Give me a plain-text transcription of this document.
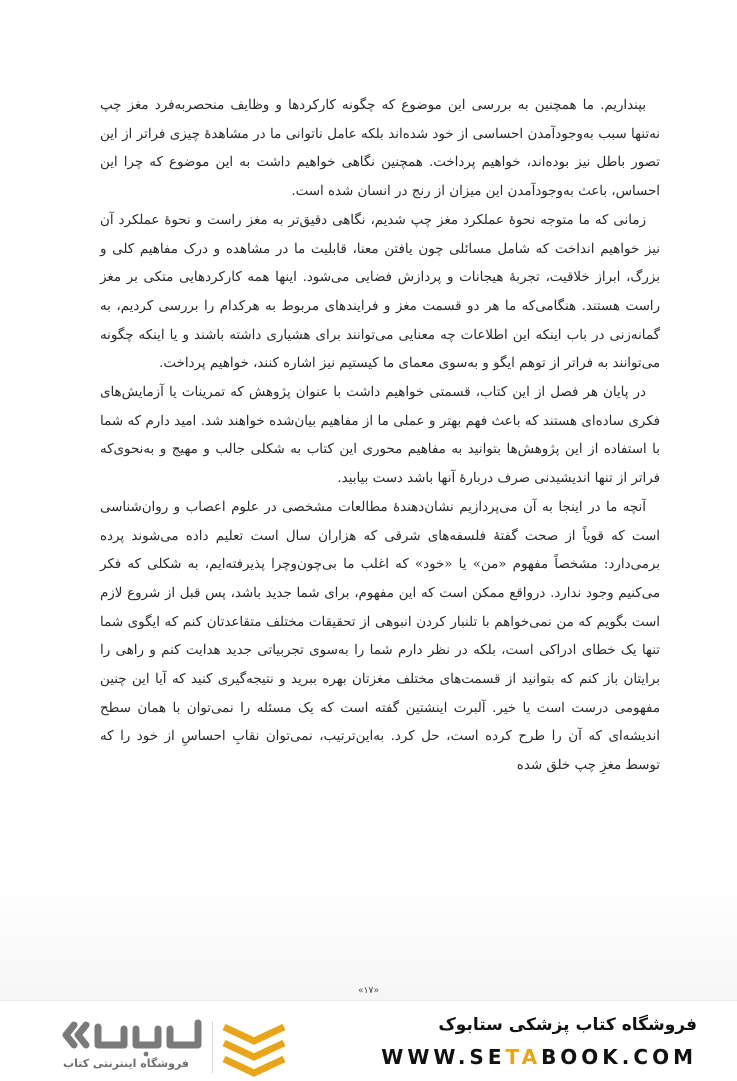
بپنداریم. ما همچنین به بررسی این موضوع که چگونه کارکردها و وظایف منحصربه‌فرد مغز چپ نه‌تنها سبب به‌وجودآمدن احساسی از خود شده‌اند بلکه عامل ناتوانی ما در مشاهدهٔ چیزی فراتر از این تصور باطل نیز بوده‌اند، خواهیم پرداخت. همچنین نگاهی خواهیم داشت به این موضوع که چرا این احساس، باعث به‌وجودآمدن این میزان از رنج در انسان شده است.

زمانی که ما متوجه نحوهٔ عملکرد مغز چپ شدیم، نگاهی دقیق‌تر به مغز راست و نحوهٔ عملکرد آن نیز خواهیم انداخت که شامل مسائلی چون یافتن معنا، قابلیت ما در مشاهده و درک مفاهیم کلی و بزرگ، ابراز خلاقیت، تجربهٔ هیجانات و پردازش فضایی می‌شود. اینها همه کارکردهایی متکی بر مغز راست هستند. هنگامی‌که ما هر دو قسمت مغز و فرایندهای مربوط به هرکدام را بررسی کردیم، به گمانه‌زنی در باب اینکه این اطلاعات چه معنایی می‌توانند برای هشیاری داشته باشند و یا اینکه چگونه می‌توانند به فراتر از توهم ایگو و به‌سوی معمای ما کیستیم نیز اشاره کنند، خواهیم پرداخت.

در پایان هر فصل از این کتاب، قسمتی خواهیم داشت با عنوان پژوهش که تمرینات یا آزمایش‌های فکری ساده‌ای هستند که باعث فهم بهتر و عملی ما از مفاهیم بیان‌شده خواهند شد. امید دارم که شما با استفاده از این پژوهش‌ها بتوانید به مفاهیم محوری این کتاب به شکلی جالب و مهیج و به‌نحوی‌که فراتر از تنها اندیشیدنی صرف دربارهٔ آنها باشد دست بیابید.

آنچه ما در اینجا به آن می‌پردازیم نشان‌دهندهٔ مطالعات مشخصی در علوم اعصاب و روان‌شناسی است که قویاً از صحت گفتهٔ فلسفه‌های شرقی که هزاران سال است تعلیم داده می‌شوند پرده برمی‌دارد: مشخصاً مفهوم «من» یا «خود» که اغلب ما بی‌چون‌وچرا پذیرفته‌ایم، به شکلی که فکر می‌کنیم وجود ندارد. درواقع ممکن است که این مفهوم، برای شما جدید باشد، پس قبل از شروع لازم است بگویم که من نمی‌خواهم با تلنبار کردن انبوهی از تحقیقات مختلف متقاعدتان کنم که ایگوی شما تنها یک خطای ادراکی است، بلکه در نظر دارم شما را به‌سوی تجربیاتی جدید هدایت کنم و راهی را برایتان باز کنم که بتوانید از قسمت‌های مختلف مغزتان بهره ببرید و نتیجه‌گیری کنید که آیا این چنین مفهومی درست است یا خیر. آلبرت اینشتین گفته است که یک مسئله را نمی‌توان با همان سطح اندیشه‌ای که آن را طرح کرده است، حل کرد. به‌این‌ترتیب، نمی‌توان نقابِ احساسِ از خود را که توسط مغزِ چپ خلق شده

«۱۷»
فروشگاه اینترنتی کتاب
فروشگاه کتاب پزشکی ستابوک
WWW.SETABOOK.COM
